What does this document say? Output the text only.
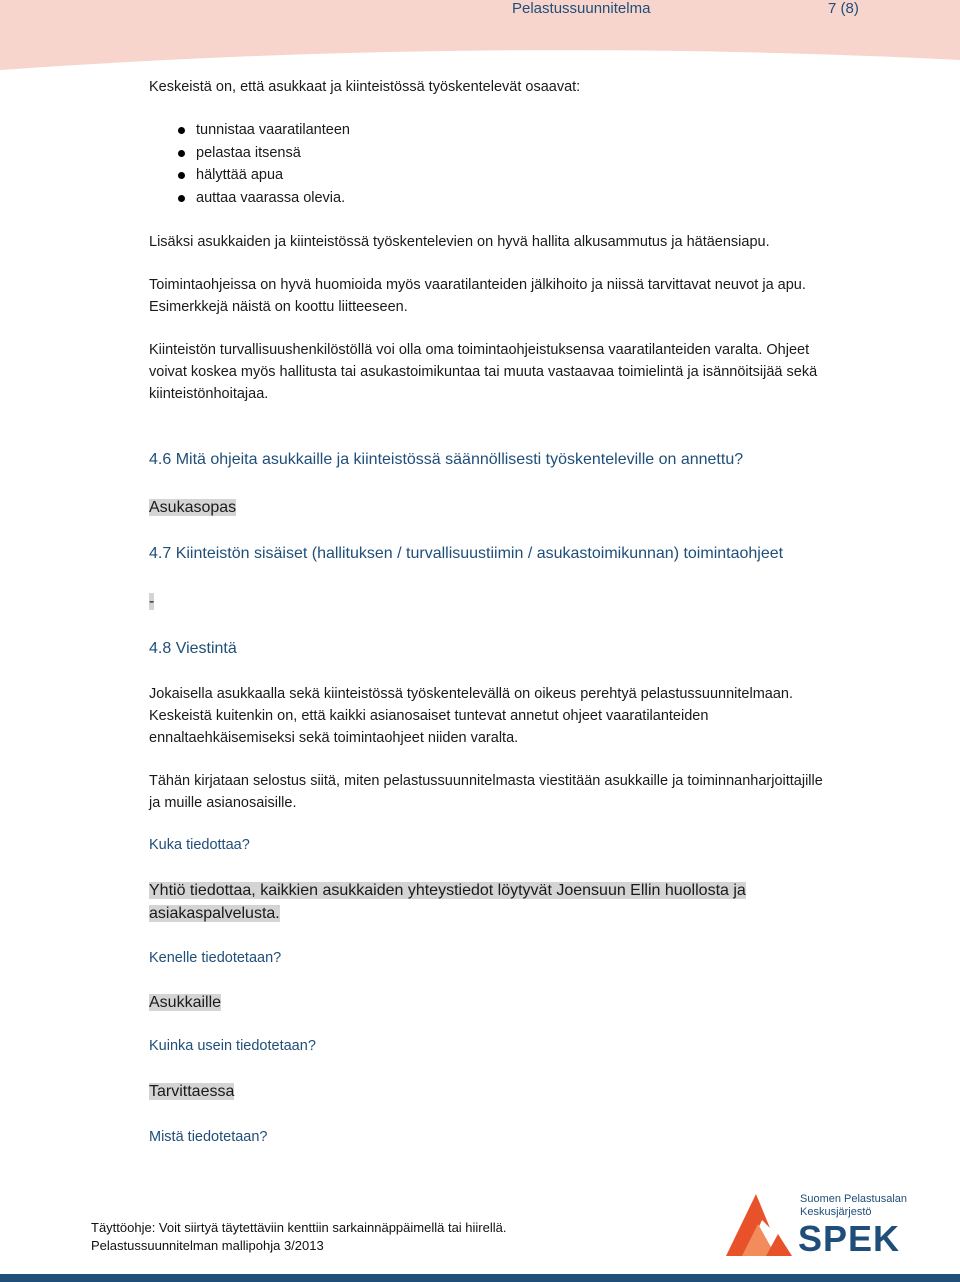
Pelastussuunnitelma	7 (8)

Keskeistä on, että asukkaat ja kiinteistössä työskentelevät osaavat:

tunnistaa vaaratilanteen
pelastaa itsensä
hälyttää apua
auttaa vaarassa olevia.

Lisäksi asukkaiden ja kiinteistössä työskentelevien on hyvä hallita alkusammutus ja hätäensiapu.

Toimintaohjeissa on hyvä huomioida myös vaaratilanteiden jälkihoito ja niissä tarvittavat neuvot ja apu.

Esimerkkejä näistä on koottu liitteeseen.

Kiinteistön turvallisuushenkilöstöllä voi olla oma toimintaohjeistuksensa vaaratilanteiden varalta. Ohjeet

voivat koskea myös hallitusta tai asukastoimikuntaa tai muuta vastaavaa toimielintä ja isännöitsijää sekä

kiinteistönhoitajaa.

4.6 Mitä ohjeita asukkaille ja kiinteistössä säännöllisesti työskenteleville on annettu?

Asukasopas

4.7 Kiinteistön sisäiset (hallituksen / turvallisuustiimin / asukastoimikunnan) toimintaohjeet

-

4.8 Viestintä

Jokaisella asukkaalla sekä kiinteistössä työskentelevällä on oikeus perehtyä pelastussuunnitelmaan.

Keskeistä kuitenkin on, että kaikki asianosaiset tuntevat annetut ohjeet vaaratilanteiden

ennaltaehkäisemiseksi sekä toimintaohjeet niiden varalta.

Tähän kirjataan selostus siitä, miten pelastussuunnitelmasta viestitään asukkaille ja toiminnanharjoittajille

ja muille asianosaisille.

Kuka tiedottaa?

Yhtiö tiedottaa, kaikkien asukkaiden yhteystiedot löytyvät Joensuun Ellin huollosta ja

asiakaspalvelusta.

Kenelle tiedotetaan?

Asukkaille

Kuinka usein tiedotetaan?

Tarvittaessa

Mistä tiedotetaan?

Täyttöohje: Voit siirtyä täytettäviin kenttiin sarkainnäppäimellä tai hiirellä.
Pelastussuunnitelman mallipohja 3/2013
Suomen Pelastusalan
Keskusjärjestö
SPEK
